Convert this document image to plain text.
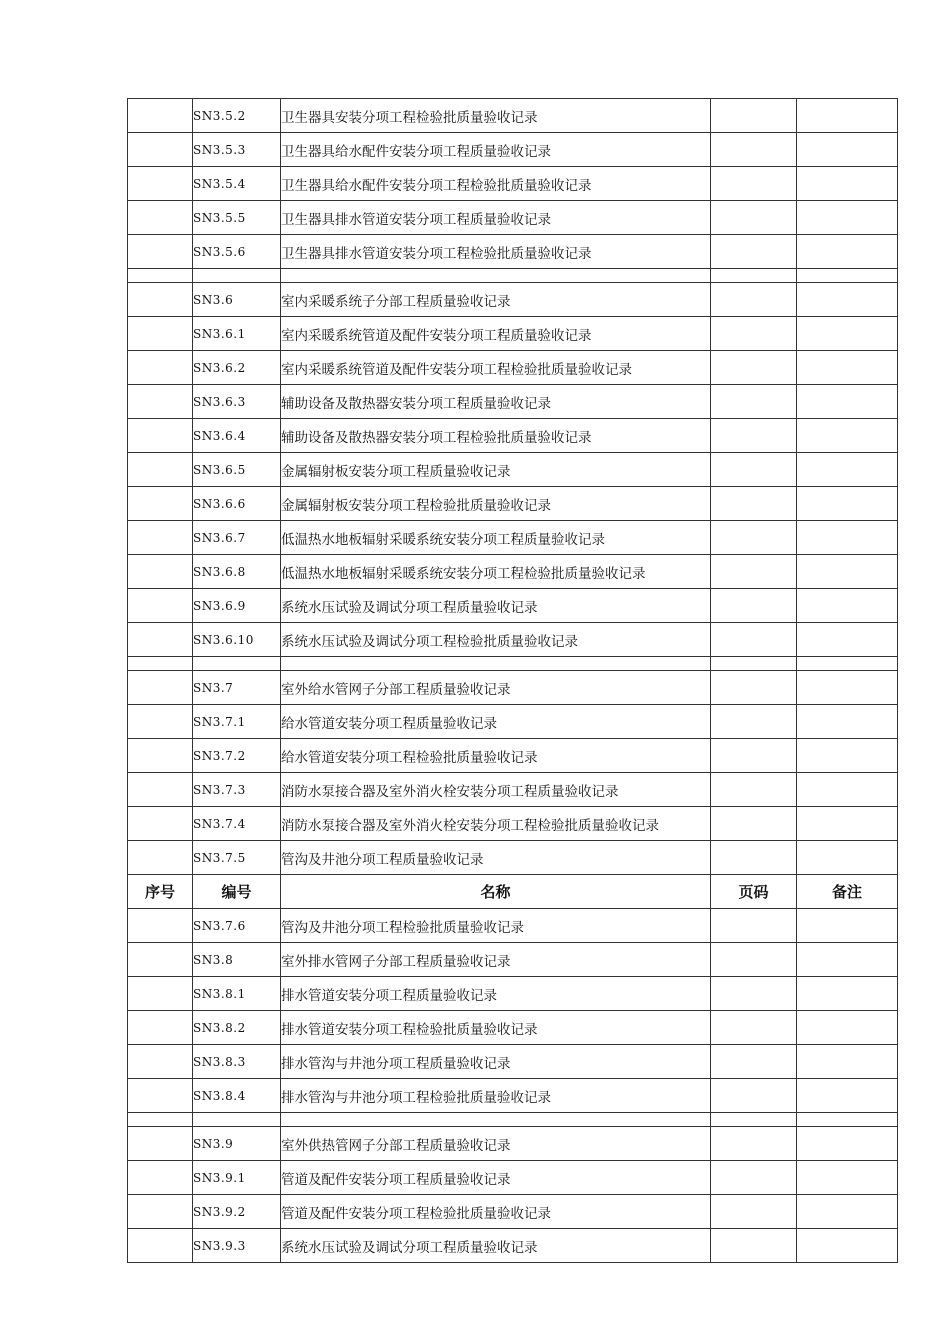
	SN3.5.2	卫生器具安装分项工程检验批质量验收记录		
	SN3.5.3	卫生器具给水配件安装分项工程质量验收记录		
	SN3.5.4	卫生器具给水配件安装分项工程检验批质量验收记录		
	SN3.5.5	卫生器具排水管道安装分项工程质量验收记录		
	SN3.5.6	卫生器具排水管道安装分项工程检验批质量验收记录		

	SN3.6	室内采暖系统子分部工程质量验收记录		
	SN3.6.1	室内采暖系统管道及配件安装分项工程质量验收记录		
	SN3.6.2	室内采暖系统管道及配件安装分项工程检验批质量验收记录		
	SN3.6.3	辅助设备及散热器安装分项工程质量验收记录		
	SN3.6.4	辅助设备及散热器安装分项工程检验批质量验收记录		
	SN3.6.5	金属辐射板安装分项工程质量验收记录		
	SN3.6.6	金属辐射板安装分项工程检验批质量验收记录		
	SN3.6.7	低温热水地板辐射采暖系统安装分项工程质量验收记录		
	SN3.6.8	低温热水地板辐射采暖系统安装分项工程检验批质量验收记录		
	SN3.6.9	系统水压试验及调试分项工程质量验收记录		
	SN3.6.10	系统水压试验及调试分项工程检验批质量验收记录		

	SN3.7	室外给水管网子分部工程质量验收记录		
	SN3.7.1	给水管道安装分项工程质量验收记录		
	SN3.7.2	给水管道安装分项工程检验批质量验收记录		
	SN3.7.3	消防水泵接合器及室外消火栓安装分项工程质量验收记录		
	SN3.7.4	消防水泵接合器及室外消火栓安装分项工程检验批质量验收记录		
	SN3.7.5	管沟及井池分项工程质量验收记录		
序号	编号	名称	页码	备注
	SN3.7.6	管沟及井池分项工程检验批质量验收记录		
	SN3.8	室外排水管网子分部工程质量验收记录		
	SN3.8.1	排水管道安装分项工程质量验收记录		
	SN3.8.2	排水管道安装分项工程检验批质量验收记录		
	SN3.8.3	排水管沟与井池分项工程质量验收记录		
	SN3.8.4	排水管沟与井池分项工程检验批质量验收记录		

	SN3.9	室外供热管网子分部工程质量验收记录		
	SN3.9.1	管道及配件安装分项工程质量验收记录		
	SN3.9.2	管道及配件安装分项工程检验批质量验收记录		
	SN3.9.3	系统水压试验及调试分项工程质量验收记录		
